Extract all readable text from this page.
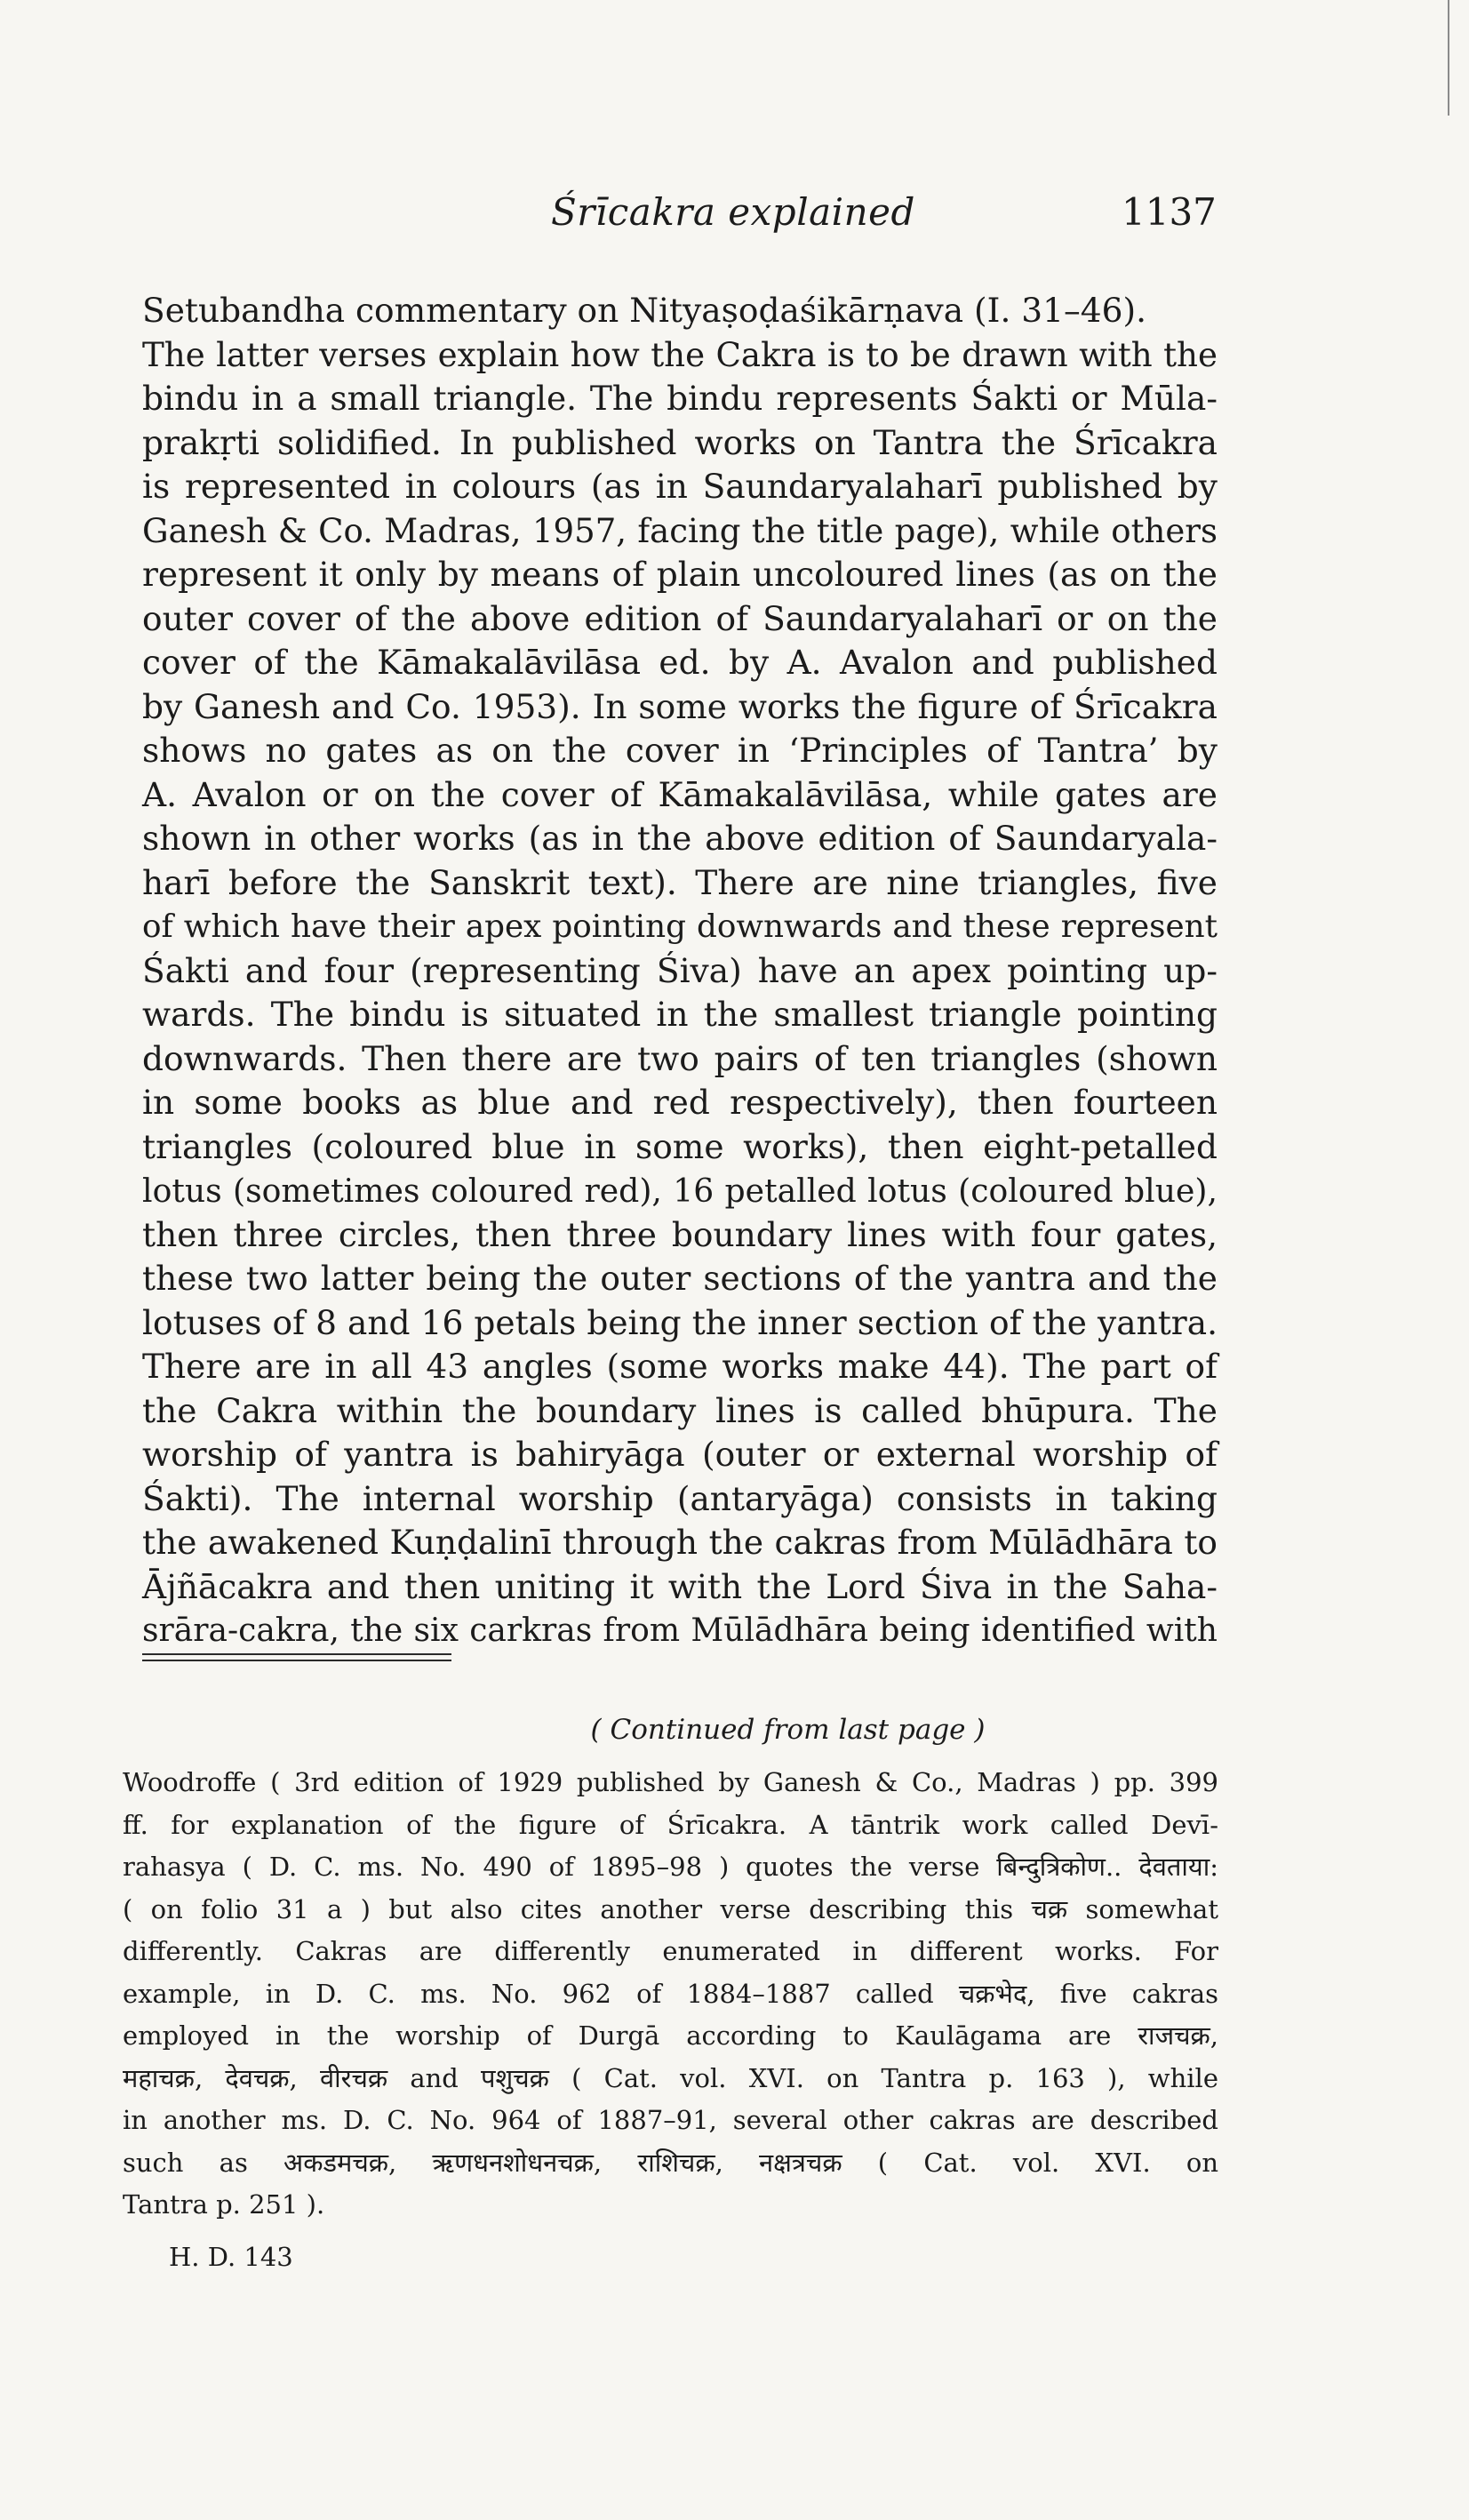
Śrīcakra explained	1137
Setubandha commentary on Nityaṣoḍaśikārṇava (I. 31–46).
The latter verses explain how the Cakra is to be drawn with the
bindu in a small triangle. The bindu represents Śakti or Mūla-
prakṛti solidified. In published works on Tantra the Śrīcakra
is represented in colours (as in Saundaryalaharī published by
Ganesh & Co. Madras, 1957, facing the title page), while others
represent it only by means of plain uncoloured lines (as on the
outer cover of the above edition of Saundaryalaharī or on the
cover of the Kāmakalāvilāsa ed. by A. Avalon and published
by Ganesh and Co. 1953). In some works the figure of Śrīcakra
shows no gates as on the cover in ‘Principles of Tantra’ by
A. Avalon or on the cover of Kāmakalāvilāsa, while gates are
shown in other works (as in the above edition of Saundaryala-
harī before the Sanskrit text). There are nine triangles, five
of which have their apex pointing downwards and these represent
Śakti and four (representing Śiva) have an apex pointing up-
wards. The bindu is situated in the smallest triangle pointing
downwards. Then there are two pairs of ten triangles (shown
in some books as blue and red respectively), then fourteen
triangles (coloured blue in some works), then eight-petalled
lotus (sometimes coloured red), 16 petalled lotus (coloured blue),
then three circles, then three boundary lines with four gates,
these two latter being the outer sections of the yantra and the
lotuses of 8 and 16 petals being the inner section of the yantra.
There are in all 43 angles (some works make 44). The part of
the Cakra within the boundary lines is called bhūpura. The
worship of yantra is bahiryāga (outer or external worship of
Śakti). The internal worship (antaryāga) consists in taking
the awakened Kuṇḍalinī through the cakras from Mūlādhāra to
Ājñācakra and then uniting it with the Lord Śiva in the Saha-
srāra-cakra, the six carkras from Mūlādhāra being identified with
( Continued from last page )
Woodroffe ( 3rd edition of 1929 published by Ganesh & Co., Madras ) pp. 399
ff. for explanation of the figure of Śrīcakra. A tāntrik work called Devī-
rahasya ( D. C. ms. No. 490 of 1895–98 ) quotes the verse बिन्दुत्रिकोण.. देवताया:
( on folio 31 a ) but also cites another verse describing this चक्र somewhat
differently. Cakras are differently enumerated in different works. For
example, in D. C. ms. No. 962 of 1884–1887 called चक्रभेद, five cakras
employed in the worship of Durgā according to Kaulāgama are राजचक्र,
महाचक्र, देवचक्र, वीरचक्र and पशुचक्र ( Cat. vol. XVI. on Tantra p. 163 ), while
in another ms. D. C. No. 964 of 1887–91, several other cakras are described
such as अकडमचक्र, ऋणधनशोधनचक्र, राशिचक्र, नक्षत्रचक्र ( Cat. vol. XVI. on
Tantra p. 251 ).
H. D. 143
